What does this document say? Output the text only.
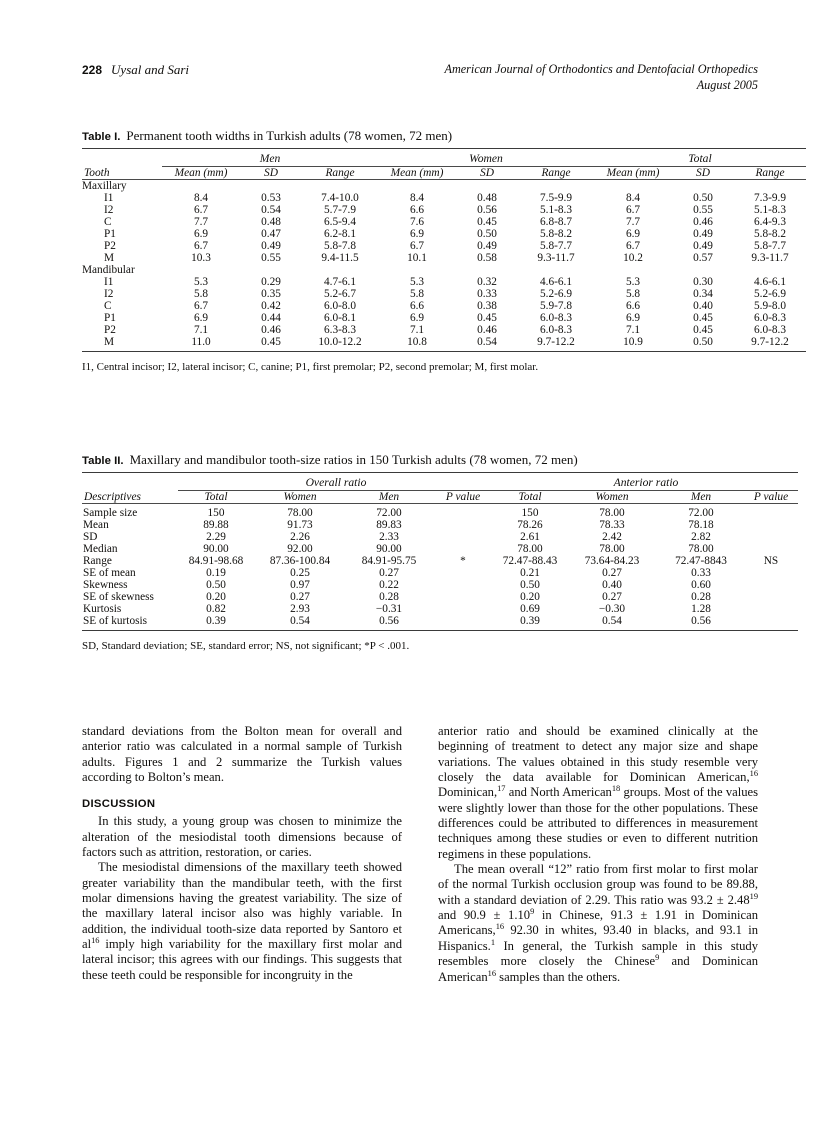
228 Uysal and Sari	American Journal of Orthodontics and Dentofacial Orthopedics
August 2005
Table I. Permanent tooth widths in Turkish adults (78 women, 72 men)

	Men			Women			Total		

Tooth	Mean (mm)	SD	Range	Mean (mm)	SD	Range	Mean (mm)	SD	Range
Maxillary									
I1	8.4	0.53	7.4-10.0	8.4	0.48	7.5-9.9	8.4	0.50	7.3-9.9
I2	6.7	0.54	5.7-7.9	6.6	0.56	5.1-8.3	6.7	0.55	5.1-8.3
C	7.7	0.48	6.5-9.4	7.6	0.45	6.8-8.7	7.7	0.46	6.4-9.3
P1	6.9	0.47	6.2-8.1	6.9	0.50	5.8-8.2	6.9	0.49	5.8-8.2
P2	6.7	0.49	5.8-7.8	6.7	0.49	5.8-7.7	6.7	0.49	5.8-7.7
M	10.3	0.55	9.4-11.5	10.1	0.58	9.3-11.7	10.2	0.57	9.3-11.7
Mandibular									
I1	5.3	0.29	4.7-6.1	5.3	0.32	4.6-6.1	5.3	0.30	4.6-6.1
I2	5.8	0.35	5.2-6.7	5.8	0.33	5.2-6.9	5.8	0.34	5.2-6.9
C	6.7	0.42	6.0-8.0	6.6	0.38	5.9-7.8	6.6	0.40	5.9-8.0
P1	6.9	0.44	6.0-8.1	6.9	0.45	6.0-8.3	6.9	0.45	6.0-8.3
P2	7.1	0.46	6.3-8.3	7.1	0.46	6.0-8.3	7.1	0.45	6.0-8.3
M	11.0	0.45	10.0-12.2	10.8	0.54	9.7-12.2	10.9	0.50	9.7-12.2

I1, Central incisor; I2, lateral incisor; C, canine; P1, first premolar; P2, second premolar; M, first molar.
Table II. Maxillary and mandibulor tooth-size ratios in 150 Turkish adults (78 women, 72 men)

	Overall ratio				Anterior ratio			

Descriptives	Total	Women	Men	P value	Total	Women	Men	P value

Sample size	150	78.00	72.00		150	78.00	72.00	
Mean	89.88	91.73	89.83		78.26	78.33	78.18	
SD	2.29	2.26	2.33		2.61	2.42	2.82	
Median	90.00	92.00	90.00		78.00	78.00	78.00	
Range	84.91-98.68	87.36-100.84	84.91-95.75	*	72.47-88.43	73.64-84.23	72.47-8843	NS
SE of mean	0.19	0.25	0.27		0.21	0.27	0.33	
Skewness	0.50	0.97	0.22		0.50	0.40	0.60	
SE of skewness	0.20	0.27	0.28		0.20	0.27	0.28	
Kurtosis	0.82	2.93	−0.31		0.69	−0.30	1.28	
SE of kurtosis	0.39	0.54	0.56		0.39	0.54	0.56	

SD, Standard deviation; SE, standard error; NS, not significant; *P < .001.

standard deviations from the Bolton mean for overall and anterior ratio was calculated in a normal sample of Turkish adults. Figures 1 and 2 summarize the Turkish values according to Bolton’s mean.

DISCUSSION

In this study, a young group was chosen to minimize the alteration of the mesiodistal tooth dimensions because of factors such as attrition, restoration, or caries.

The mesiodistal dimensions of the maxillary teeth showed greater variability than the mandibular teeth, with the first molar dimensions having the greatest variability. The size of the maxillary lateral incisor also was highly variable. In addition, the individual tooth-size data reported by Santoro et $al^{16}$ imply high variability for the maxillary first molar and lateral incisor; this agrees with our findings. This suggests that these teeth could be responsible for incongruity in the

anterior ratio and should be examined clinically at the beginning of treatment to detect any major size and shape variations. The values obtained in this study resemble very closely the data available for Dominican American,$^{16}$ Dominican,$^{17}$ and North American$^{18}$ groups. Most of the values were slightly lower than those for the other populations. These differences could be attributed to differences in measurement techniques among these studies or even to different nutrition regimens in these populations.

The mean overall “12” ratio from first molar to first molar of the normal Turkish occlusion group was found to be 89.88, with a standard deviation of 2.29. This ratio was $93.2 \pm 2.48^{19}$ and $90.9 \pm 1.10^9$ in Chinese, 91.3 ± 1.91 in Dominican Americans,$^{16}$ 92.30 in whites, 93.40 in blacks, and 93.1 in Hispanics.$^1$ In general, the Turkish sample in this study resembles more closely the Chinese$^9$ and Dominican American$^{16}$ samples than the others.
